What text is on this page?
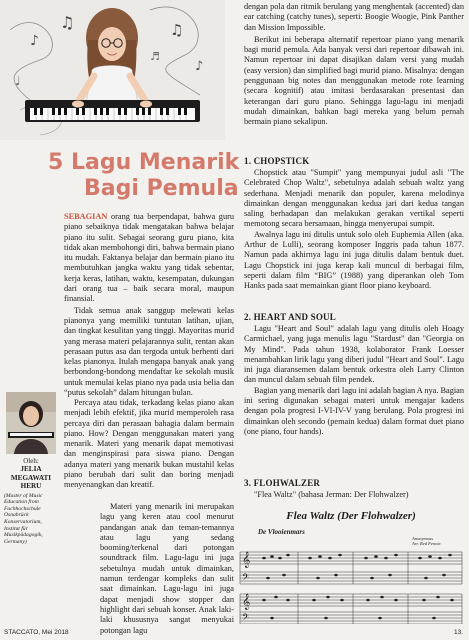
♪
♫
♩
♫
♪
♬
5 Lagu Menarik
Bagi Pemula

SEBAGIAN orang tua berpendapat, bahwa guru piano sebaiknya tidak mengatakan bahwa belajar piano itu sulit. Sebagai seorang guru piano, kita tidak akan membohongi diri, bahwa bermain piano itu mudah. Faktanya belajar dan bermain piano itu membutuhkan jangka waktu yang tidak sebentar, kerja keras, latihan, waktu, kesempatan, dukungan dari orang tua – baik secara moral, maupun finansial.

Tidak semua anak sanggup melewati kelas pianonya yang memiliki tuntutan latihan, ujian, dan tingkat kesulitan yang tinggi. Mayoritas murid yang merasa materi pelajarannya sulit, rentan akan perasaan putus asa dan tergoda untuk berhenti dari kelas pianonya. Itulah mengapa banyak anak yang berbondong-bondong mendaftar ke sekolah musik untuk memulai kelas piano nya pada usia belia dan “putus sekolah” dalam hitungan bulan.

Percaya atau tidak, terkadang kelas piano akan menjadi lebih efektif, jika murid memperoleh rasa percaya diri dan perasaan bahagia dalam bermain piano. How? Dengan menggunakan materi yang menarik. Materi yang menarik dapat memotivasi dan menginspirasi para siswa piano. Dengan adanya materi yang menarik bukan mustahil kelas piano berubah dari sulit dan boring menjadi menyenangkan dan kreatif.

Materi yang menarik ini merupakan lagu yang keren atau cool menurut pandangan anak dan teman-temannya atau lagu yang sedang booming/terkenal dari potongan soundtrack film. Lagu-lagu ini juga sebetulnya mudah untuk dimainkan, namun terdengar kompleks dan sulit saat dimainkan. Lagu-lagu ini juga dapat menjadi show stopper dan highlight dari sebuah konser. Anak laki-laki khususnya sangat menyukai potongan lagu

Oleh:
JELIA
MEGAWATI HERU
(Master of Music Education from Fachhochschule Osnabrück Konservatorium, Institut für Musikpädagogik, Germany)

dengan pola dan ritmik berulang yang menghentak (accented) dan ear catching (catchy tunes), seperti: Boogie Woogie, Pink Panther dan Mission Impossible.

Berikut ini beberapa alternatif repertoar piano yang menarik bagi murid pemula. Ada banyak versi dari repertoar dibawah ini. Namun repertoar ini dapat disajikan dalam versi yang mudah (easy version) dan simplified bagi murid piano. Misalnya: dengan penggunaan big notes dan menggunakan metode rote learning (secara kognitif) atau imitasi berdasarakan presentasi dan keterangan dari guru piano. Sehingga lagu-lagu ini menjadi mudah dimainkan, bahkan bagi mereka yang belum pernah bermain piano sekalipun.

1. CHOPSTICK

Chopstick atau "Sumpit" yang mempunyai judul asli "The Celebrated Chop Waltz", sebetulnya adalah sebuah waltz yang sederhana. Menjadi menarik dan populer, karena melodinya dimainkan dengan menggunakan kedua jari dari kedua tangan saling berhadapan dan melakukan gerakan vertikal seperti memotong secara bersamaan, hingga menyerupai sumpit.

Awalnya lagu ini ditulis untuk solo oleh Euphemia Allen (aka. Arthur de Lulli), seorang komposer Inggris pada tahun 1877. Namun pada akhirnya lagu ini juga ditulis dalam bentuk duet. Lagu Chopstick ini juga kerap kali muncul di berbagai film, seperti dalam film “BIG” (1988) yang diperankan oleh Tom Hanks pada saat memainkan giant floor piano keyboard.

2. HEART AND SOUL

Lagu "Heart and Soul" adalah lagu yang ditulis oleh Hoagy Carmichael, yang juga menulis lagu "Stardust" dan "Georgia on My Mind". Pada tahun 1938, kolaborator Frank Loesser menambahkan lirik lagu yang diberi judul "Heart and Soul". Lagu ini juga diaransemen dalam bentuk orkestra oleh Larry Clinton dan muncul dalam sebuah film pendek.

Bagian yang menarik dari lagu ini adalah bagian A nya. Bagian ini sering digunakan sebagai materi untuk mengajar kadens dengan pola progresi I-VI-IV-V yang berulang. Pola progresi ini dimainkan oleh secondo (pemain kedua) dalam format duet piano (one piano, four hands).

3. FLOHWALZER

"Flea Waltz" (bahasa Jerman: Der Flohwalzer)

Flea Waltz (Der Flohwalzer)
De Vlooienmars
Anonymous
Arr. Red Fenoix
𝄞
𝄢
𝄞
𝄢
STACCATO, Mei 2018	13.
